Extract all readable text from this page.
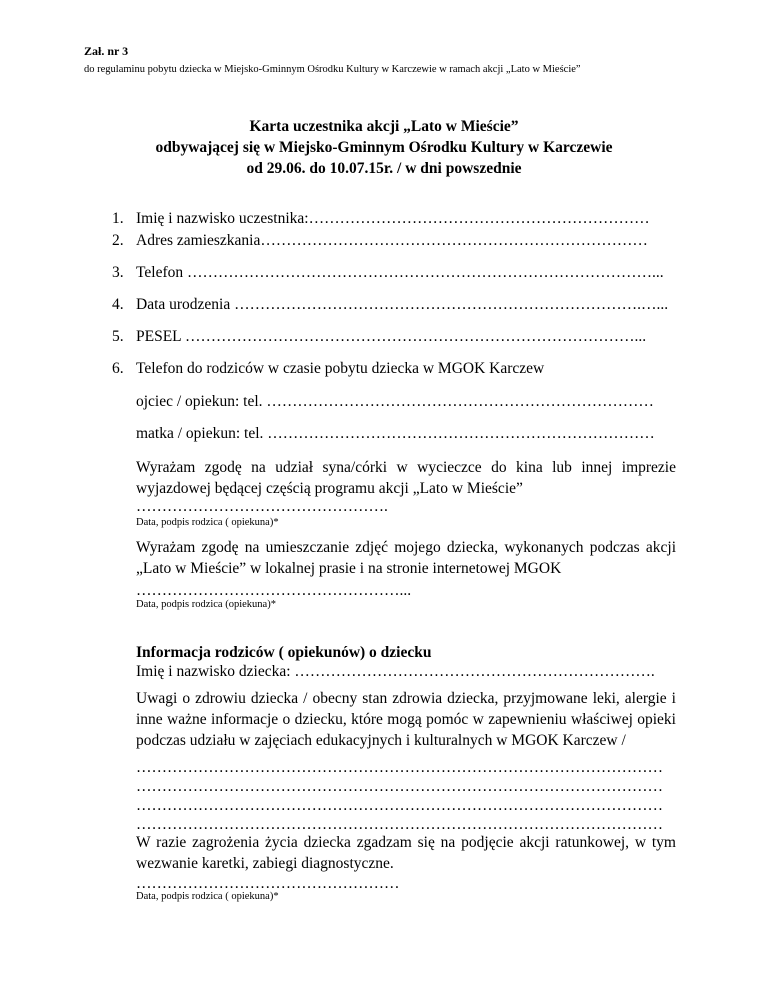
Zał. nr 3
do regulaminu pobytu dziecka w Miejsko-Gminnym Ośrodku Kultury w Karczewie w ramach akcji „Lato w Mieście”
Karta uczestnika akcji „Lato w Mieście”
odbywającej się w Miejsko-Gminnym Ośrodku Kultury w Karczewie
od 29.06. do 10.07.15r. / w dni powszednie
1. Imię i nazwisko uczestnika:…………………………………………………………
2. Adres zamieszkania…………………………………………………………………
3. Telefon ………………………………………………………………………………...
4. Data urodzenia …………………………………………………………………….…...
5. PESEL ……………………………………………………………………………...
6. Telefon do rodziców w czasie pobytu dziecka w MGOK Karczew
ojciec / opiekun: tel. …………………………………………………………………
matka / opiekun: tel. …………………………………………………………………
Wyrażam zgodę na udział syna/córki w wycieczce do kina lub innej imprezie wyjazdowej będącej częścią programu akcji „Lato w Mieście”
………………………………………….
Data, podpis rodzica ( opiekuna)*
Wyrażam zgodę na umieszczanie zdjęć mojego dziecka, wykonanych podczas akcji „Lato w Mieście” w lokalnej prasie i na stronie internetowej MGOK
……………………………………………...
Data, podpis rodzica (opiekuna)*
Informacja rodziców ( opiekunów) o dziecku
Imię i nazwisko dziecka: …………………………………………………………….
Uwagi o zdrowiu dziecka / obecny stan zdrowia dziecka, przyjmowane leki, alergie i inne ważne informacje o dziecku, które mogą pomóc w zapewnieniu właściwej opieki podczas udziału w zajęciach edukacyjnych i kulturalnych w MGOK Karczew /
…………………………………………………………………………………………
…………………………………………………………………………………………
…………………………………………………………………………………………
…………………………………………………………………………………………
W razie zagrożenia życia dziecka zgadzam się na podjęcie akcji ratunkowej, w tym wezwanie karetki, zabiegi diagnostyczne.
……………………………………………
Data, podpis rodzica ( opiekuna)*
